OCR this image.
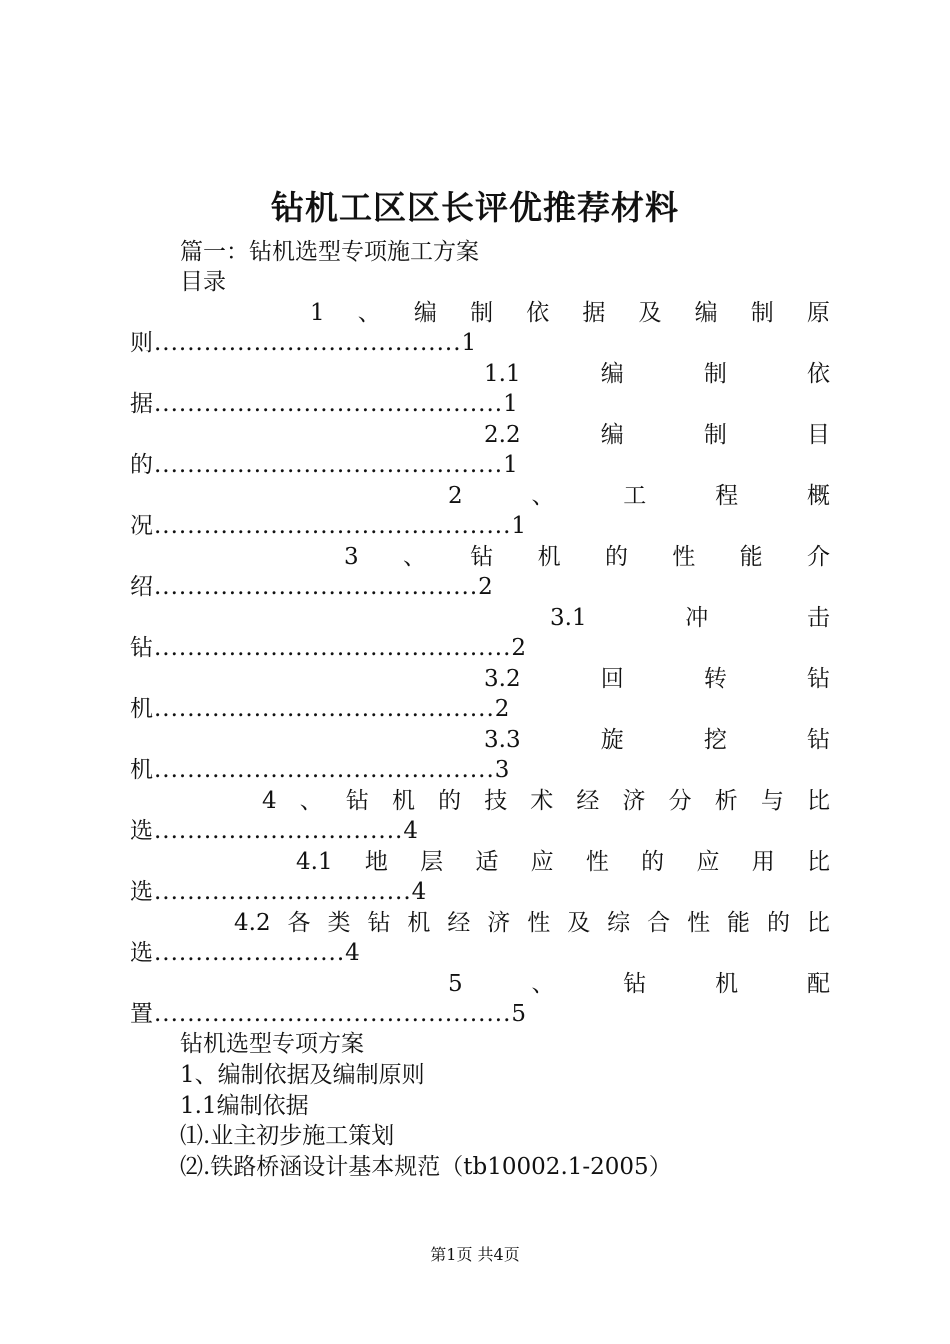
钻机工区区长评优推荐材料
篇一：钻机选型专项施工方案
目录
1 、 编 制 依 据 及 编 制 原
则.....................................1
1.1	编	制	依
据..........................................1
2.2	编	制	目
的..........................................1
2	、	工	程	概
况...........................................1
3 、 钻 机 的 性 能 介
绍.......................................2
3.1	冲	击
钻...........................................2
3.2	回	转	钻
机.........................................2
3.3	旋	挖	钻
机.........................................3
4 、 钻 机 的 技 术 经 济 分 析 与 比
选..............................4
4.1 地 层 适 应 性 的 应 用 比
选...............................4
4.2 各 类 钻 机 经 济 性 及 综 合 性 能 的 比
选.......................4
5	、	钻	机	配
置...........................................5
钻机选型专项方案
1、编制依据及编制原则
1.1编制依据
⑴.业主初步施工策划
⑵.铁路桥涵设计基本规范（tb10002.1-2005）
第1页 共4页
